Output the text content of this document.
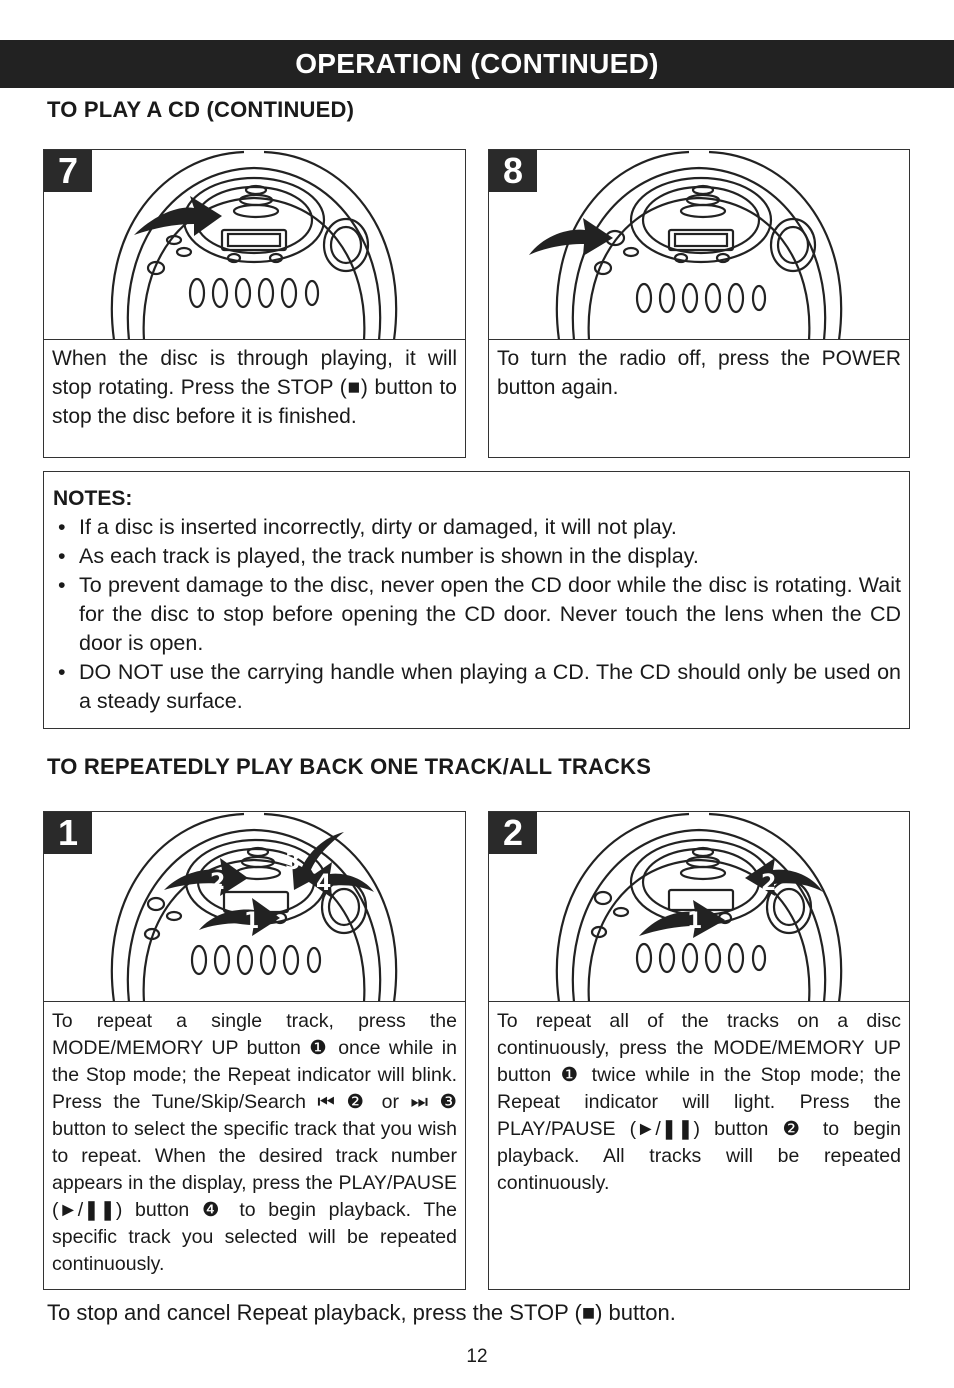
OPERATION (CONTINUED)
TO PLAY A CD (CONTINUED)
7
When the disc is through playing, it will stop rotating. Press the STOP (■) button to stop the disc before it is finished.
8
To turn the radio off, press the POWER button again.
NOTES:
• If a disc is inserted incorrectly, dirty or damaged, it will not play.
• As each track is played, the track number is shown in the display.
• To prevent damage to the disc, never open the CD door while the disc is rotating. Wait for the disc to stop before opening the CD door. Never touch the lens when the CD door is open.
• DO NOT use the carrying handle when playing a CD. The CD should only be used on a steady surface.
TO REPEATEDLY PLAY BACK ONE TRACK/ALL TRACKS
1
1
2
3
4
To repeat a single track, press the MODE/MEMORY UP button ❶ once while in the Stop mode; the Repeat indicator will blink. Press the Tune/Skip/Search ⏮ ❷ or ⏭ ❸ button to select the specific track that you wish to repeat. When the desired track number appears in the display, press the PLAY/PAUSE (►/❚❚) button ❹ to begin playback. The specific track you selected will be repeated continuously.
2
1
2
To repeat all of the tracks on a disc continuously, press the MODE/MEMORY UP button ❶ twice while in the Stop mode; the Repeat indicator will light. Press the PLAY/PAUSE (►/❚❚) button ❷ to begin playback. All tracks will be repeated continuously.
To stop and cancel Repeat playback, press the STOP (■) button.
12
